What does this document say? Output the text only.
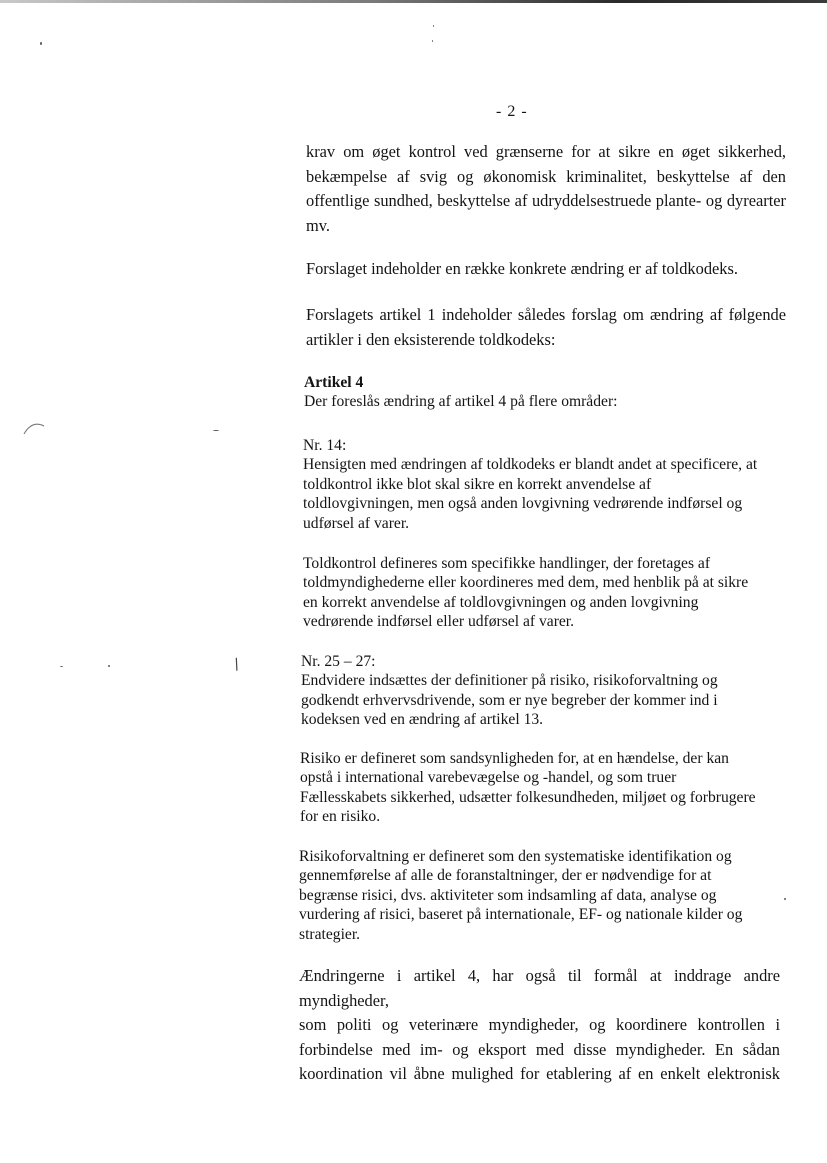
/
- 2 -
krav om øget kontrol ved grænserne for at sikre en øget sikkerhed,
bekæmpelse af svig og økonomisk kriminalitet, beskyttelse af den
offentlige sundhed, beskyttelse af udryddelsestruede plante- og dyrearter
mv.
Forslaget indeholder en række konkrete ændring er af toldkodeks.
Forslagets artikel 1 indeholder således forslag om ændring af følgende
artikler i den eksisterende toldkodeks:
Artikel 4
Der foreslås ændring af artikel 4 på flere områder:
Nr. 14:
Hensigten med ændringen af toldkodeks er blandt andet at specificere, at
toldkontrol ikke blot skal sikre en korrekt anvendelse af
toldlovgivningen, men også anden lovgivning vedrørende indførsel og
udførsel af varer.
Toldkontrol defineres som specifikke handlinger, der foretages af
toldmyndighederne eller koordineres med dem, med henblik på at sikre
en korrekt anvendelse af toldlovgivningen og anden lovgivning
vedrørende indførsel eller udførsel af varer.
Nr. 25 – 27:
Endvidere indsættes der definitioner på risiko, risikoforvaltning og
godkendt erhvervsdrivende, som er nye begreber der kommer ind i
kodeksen ved en ændring af artikel 13.
Risiko er defineret som sandsynligheden for, at en hændelse, der kan
opstå i international varebevægelse og -handel, og som truer
Fællesskabets sikkerhed, udsætter folkesundheden, miljøet og forbrugere
for en risiko.
Risikoforvaltning er defineret som den systematiske identifikation og
gennemførelse af alle de foranstaltninger, der er nødvendige for at
begrænse risici, dvs. aktiviteter som indsamling af data, analyse og
vurdering af risici, baseret på internationale, EF- og nationale kilder og
strategier.
Ændringerne i artikel 4, har også til formål at inddrage andre myndigheder,
som politi og veterinære myndigheder, og koordinere kontrollen i
forbindelse med im- og eksport med disse myndigheder. En sådan
koordination vil åbne mulighed for etablering af en enkelt elektronisk
